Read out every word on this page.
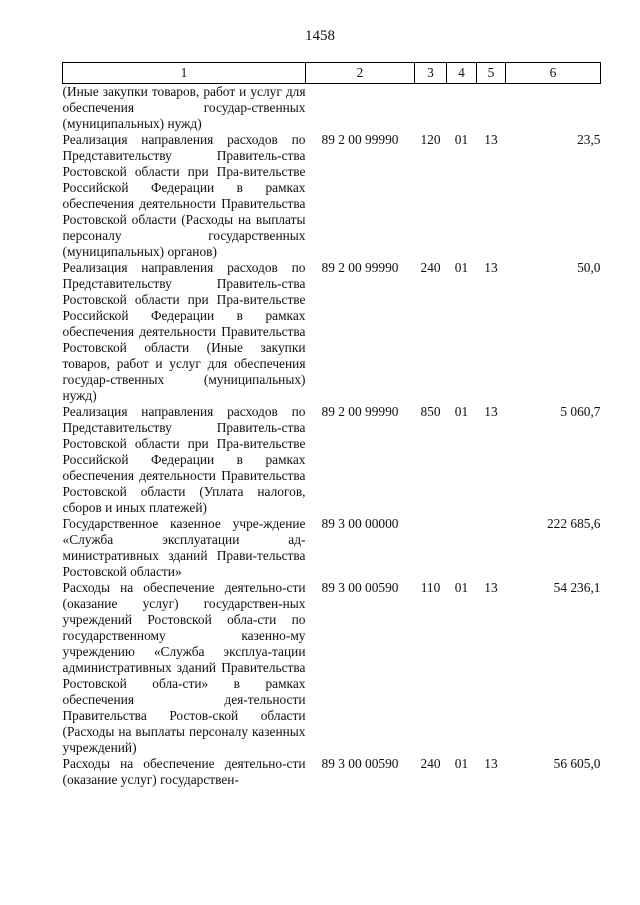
1458
1	2	3	4	5	6
(Иные закупки товаров, работ и услуг для обеспечения государ-ственных (муниципальных) нужд)					
Реализация направления расходов по Представительству Правитель-ства Ростовской области при Пра-вительстве Российской Федерации в рамках обеспечения деятельности Правительства Ростовской области (Расходы на выплаты персоналу государственных (муниципальных) органов)	89 2 00 99990	120	01	13	23,5
Реализация направления расходов по Представительству Правитель-ства Ростовской области при Пра-вительстве Российской Федерации в рамках обеспечения деятельности Правительства Ростовской области (Иные закупки товаров, работ и услуг для обеспечения государ-ственных (муниципальных) нужд)	89 2 00 99990	240	01	13	50,0
Реализация направления расходов по Представительству Правитель-ства Ростовской области при Пра-вительстве Российской Федерации в рамках обеспечения деятельности Правительства Ростовской области (Уплата налогов, сборов и иных платежей)	89 2 00 99990	850	01	13	5 060,7
Государственное казенное учре-ждение «Служба эксплуатации ад-министративных зданий Прави-тельства Ростовской области»	89 3 00 00000				222 685,6
Расходы на обеспечение деятельно-сти (оказание услуг) государствен-ных учреждений Ростовской обла-сти по государственному казенно-му учреждению «Служба эксплуа-тации административных зданий Правительства Ростовской обла-сти» в рамках обеспечения дея-тельности Правительства Ростов-ской области (Расходы на выплаты персоналу казенных учреждений)	89 3 00 00590	110	01	13	54 236,1
Расходы на обеспечение деятельно-сти (оказание услуг) государствен-	89 3 00 00590	240	01	13	56 605,0
